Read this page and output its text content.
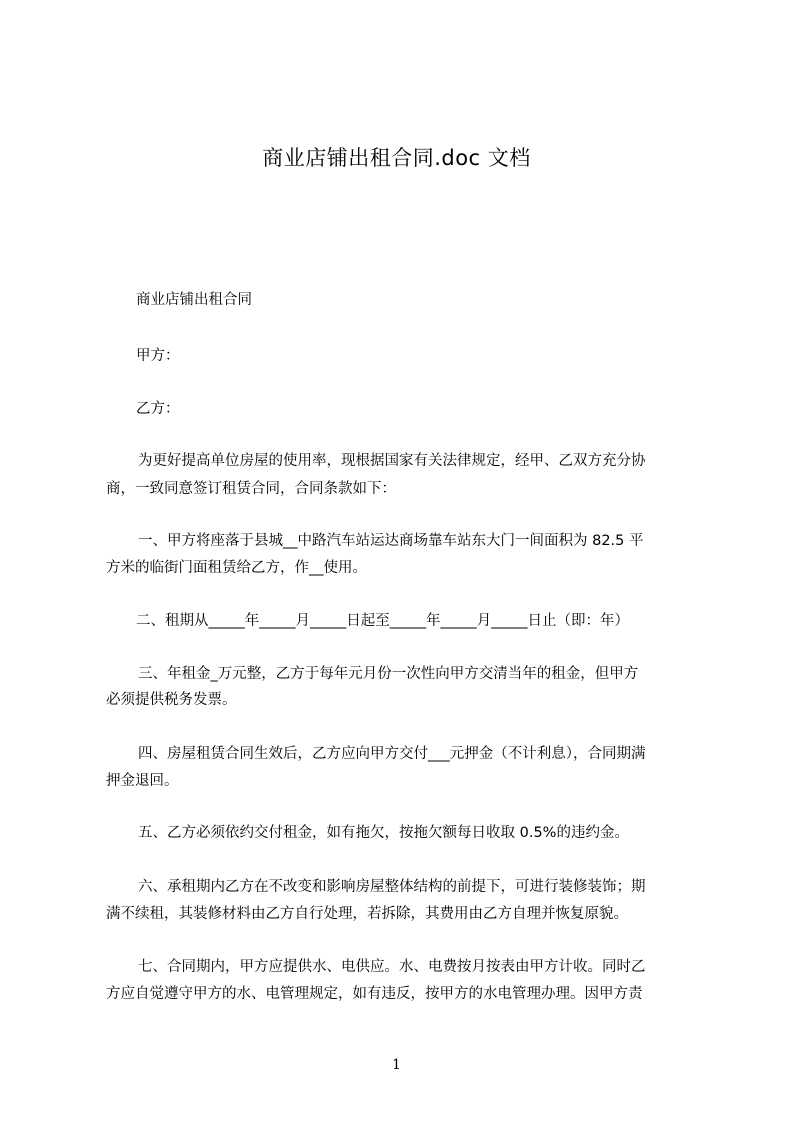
商业店铺出租合同.doc 文档
商业店铺出租合同
甲方：
乙方：
为更好提高单位房屋的使用率，现根据国家有关法律规定，经甲、乙双方充分协
商，一致同意签订租赁合同，合同条款如下：
一、甲方将座落于县城__中路汽车站运达商场靠车站东大门一间面积为 82.5 平
方米的临街门面租赁给乙方，作__使用。
二、租期从_____年_____月_____日起至_____年_____月_____日止（即：年）
三、年租金_万元整，乙方于每年元月份一次性向甲方交清当年的租金，但甲方
必须提供税务发票。
四、房屋租赁合同生效后，乙方应向甲方交付___元押金（不计利息），合同期满
押金退回。
五、乙方必须依约交付租金，如有拖欠，按拖欠额每日收取 0.5%的违约金。
六、承租期内乙方在不改变和影响房屋整体结构的前提下，可进行装修装饰；期
满不续租，其装修材料由乙方自行处理，若拆除，其费用由乙方自理并恢复原貌。
七、合同期内，甲方应提供水、电供应。水、电费按月按表由甲方计收。同时乙
方应自觉遵守甲方的水、电管理规定，如有违反，按甲方的水电管理办理。因甲方责
1
